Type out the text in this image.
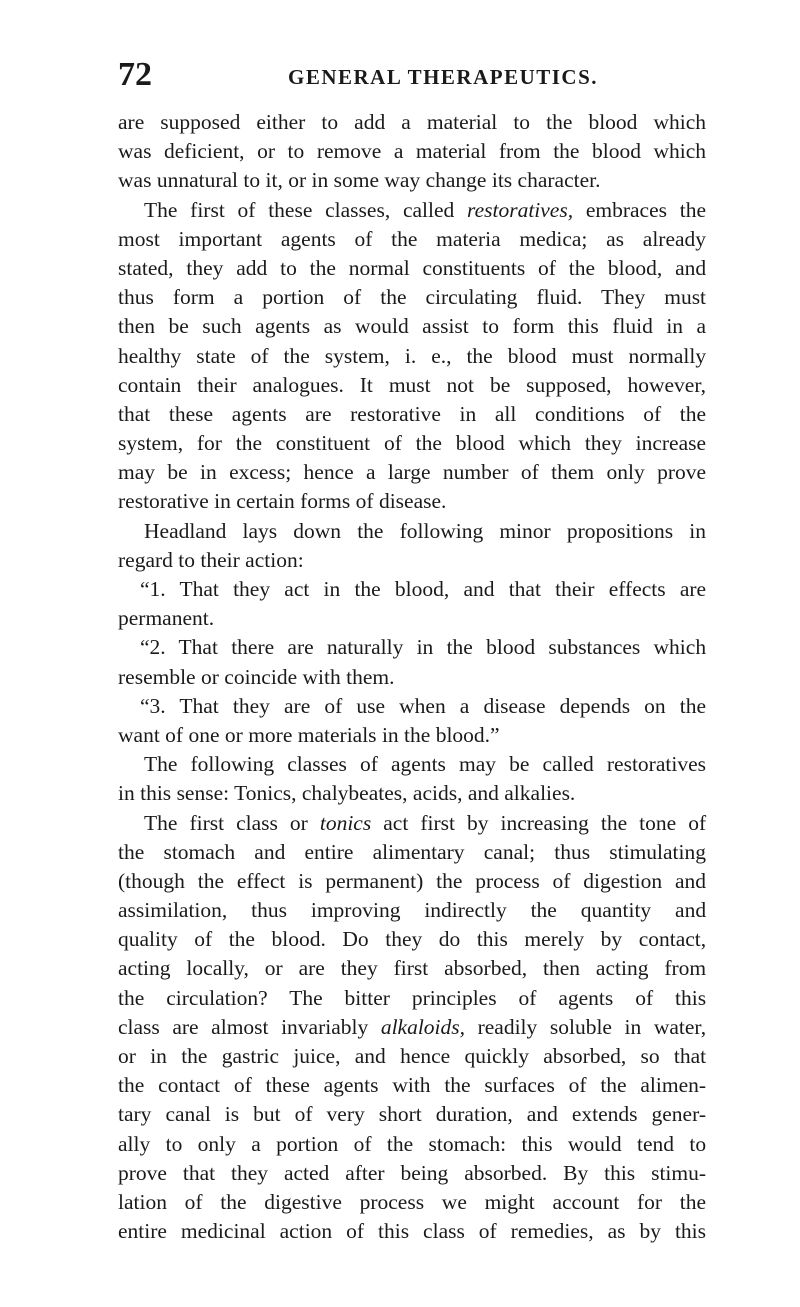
72	GENERAL THERAPEUTICS.
are supposed either to add a material to the blood which
was deficient, or to remove a material from the blood which
was unnatural to it, or in some way change its character.
The first of these classes, called restoratives, embraces the
most important agents of the materia medica; as already
stated, they add to the normal constituents of the blood, and
thus form a portion of the circulating fluid. They must
then be such agents as would assist to form this fluid in a
healthy state of the system, i. e., the blood must normally
contain their analogues. It must not be supposed, however,
that these agents are restorative in all conditions of the
system, for the constituent of the blood which they increase
may be in excess; hence a large number of them only prove
restorative in certain forms of disease.
Headland lays down the following minor propositions in
regard to their action:
“1. That they act in the blood, and that their effects are
permanent.
“2. That there are naturally in the blood substances which
resemble or coincide with them.
“3. That they are of use when a disease depends on the
want of one or more materials in the blood.”
The following classes of agents may be called restoratives
in this sense: Tonics, chalybeates, acids, and alkalies.
The first class or tonics act first by increasing the tone of
the stomach and entire alimentary canal; thus stimulating
(though the effect is permanent) the process of digestion and
assimilation, thus improving indirectly the quantity and
quality of the blood. Do they do this merely by contact,
acting locally, or are they first absorbed, then acting from
the circulation? The bitter principles of agents of this
class are almost invariably alkaloids, readily soluble in water,
or in the gastric juice, and hence quickly absorbed, so that
the contact of these agents with the surfaces of the alimen-
tary canal is but of very short duration, and extends gener-
ally to only a portion of the stomach: this would tend to
prove that they acted after being absorbed. By this stimu-
lation of the digestive process we might account for the
entire medicinal action of this class of remedies, as by this
